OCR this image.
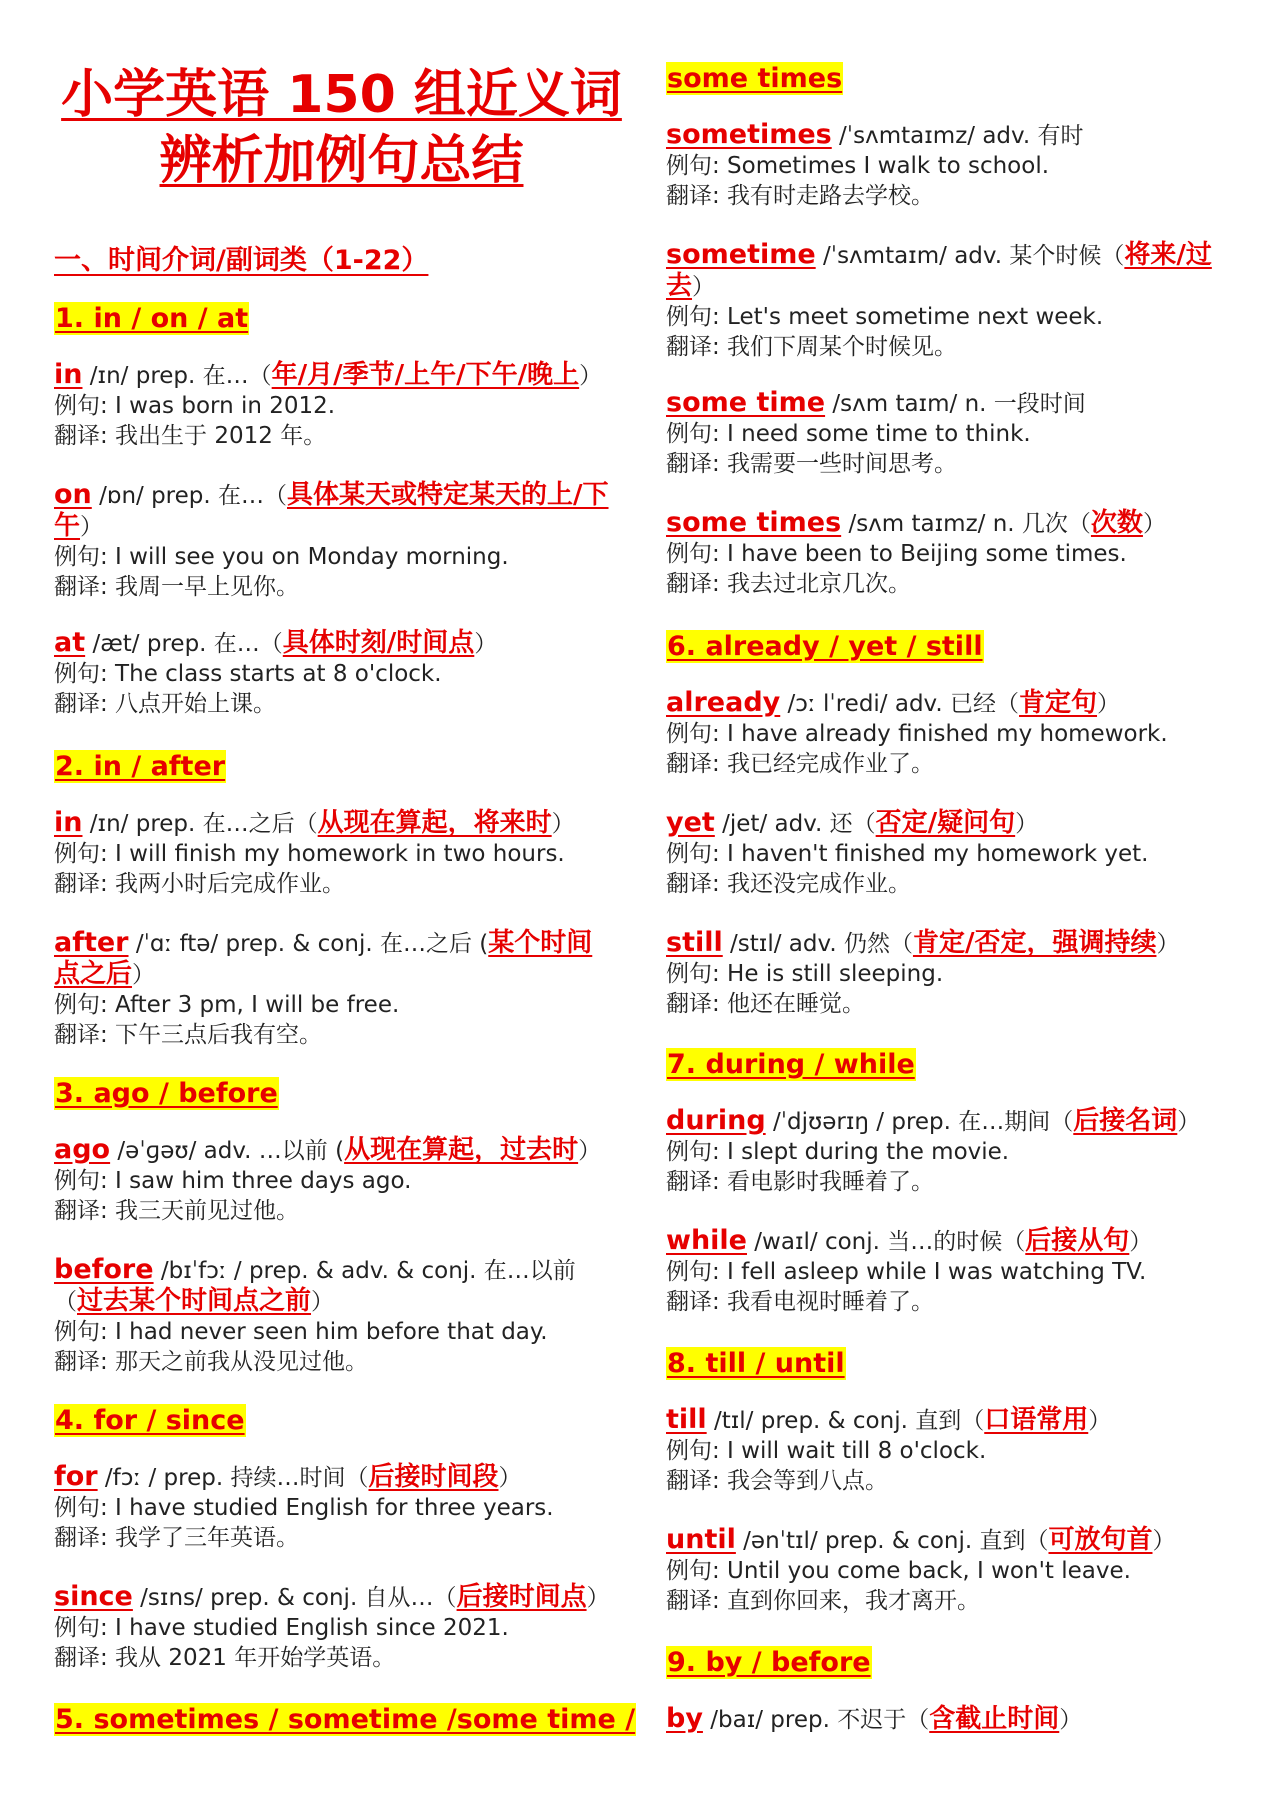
小学英语 150 组近义词
辨析加例句总结
一、时间介词/副词类（1-22）
1. in / on / at
in /ɪn/ prep. 在…（年/月/季节/上午/下午/晚上）
例句: I was born in 2012.
翻译: 我出生于 2012 年。
on /ɒn/ prep. 在…（具体某天或特定某天的上/下
午）
例句: I will see you on Monday morning.
翻译: 我周一早上见你。
at /æt/ prep. 在…（具体时刻/时间点）
例句: The class starts at 8 o'clock.
翻译: 八点开始上课。
2. in / after
in /ɪn/ prep. 在…之后（从现在算起，将来时）
例句: I will finish my homework in two hours.
翻译: 我两小时后完成作业。
after /ˈɑː ftə/ prep. & conj. 在…之后 (某个时间
点之后）
例句: After 3 pm, I will be free.
翻译: 下午三点后我有空。
3. ago / before
ago /əˈɡəʊ/ adv. …以前 (从现在算起，过去时）
例句: I saw him three days ago.
翻译: 我三天前见过他。
before /bɪˈfɔː / prep. & adv. & conj. 在…以前
（过去某个时间点之前）
例句: I had never seen him before that day.
翻译: 那天之前我从没见过他。
4. for / since
for /fɔː / prep. 持续…时间（后接时间段）
例句: I have studied English for three years.
翻译: 我学了三年英语。
since /sɪns/ prep. & conj. 自从…（后接时间点）
例句: I have studied English since 2021.
翻译: 我从 2021 年开始学英语。
5. sometimes / sometime /some time /
some times
sometimes /ˈsʌmtaɪmz/ adv. 有时
例句: Sometimes I walk to school.
翻译: 我有时走路去学校。
sometime /ˈsʌmtaɪm/ adv. 某个时候（将来/过
去）
例句: Let's meet sometime next week.
翻译: 我们下周某个时候见。
some time /sʌm taɪm/ n. 一段时间
例句: I need some time to think.
翻译: 我需要一些时间思考。
some times /sʌm taɪmz/ n. 几次（次数）
例句: I have been to Beijing some times.
翻译: 我去过北京几次。
6. already / yet / still
already /ɔː lˈredi/ adv. 已经（肯定句）
例句: I have already finished my homework.
翻译: 我已经完成作业了。
yet /jet/ adv. 还（否定/疑问句）
例句: I haven't finished my homework yet.
翻译: 我还没完成作业。
still /stɪl/ adv. 仍然（肯定/否定，强调持续）
例句: He is still sleeping.
翻译: 他还在睡觉。
7. during / while
during /ˈdjʊərɪŋ / prep. 在…期间（后接名词）
例句: I slept during the movie.
翻译: 看电影时我睡着了。
while /waɪl/ conj. 当…的时候（后接从句）
例句: I fell asleep while I was watching TV.
翻译: 我看电视时睡着了。
8. till / until
till /tɪl/ prep. & conj. 直到（口语常用）
例句: I will wait till 8 o'clock.
翻译: 我会等到八点。
until /ənˈtɪl/ prep. & conj. 直到（可放句首）
例句: Until you come back, I won't leave.
翻译: 直到你回来，我才离开。
9. by / before
by /baɪ/ prep. 不迟于（含截止时间）
